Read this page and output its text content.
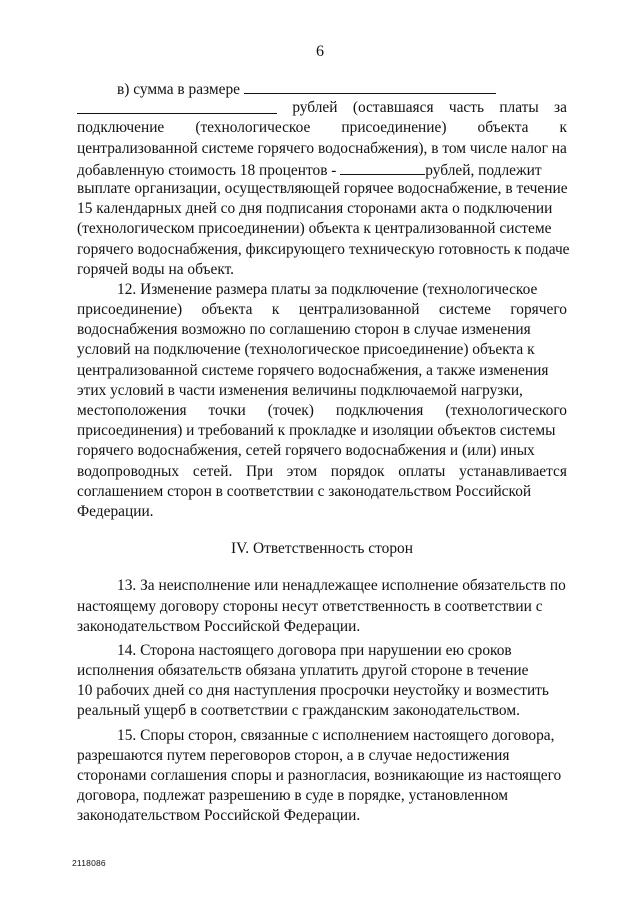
6
в) сумма в размере
рублей (оставшаяся часть платы за
подключение (технологическое присоединение) объекта к
централизованной системе горячего водоснабжения), в том числе налог на
добавленную стоимость 18 процентов -	рублей, подлежит
выплате организации, осуществляющей горячее водоснабжение, в течение
15 календарных дней со дня подписания сторонами акта о подключении
(технологическом присоединении) объекта к централизованной системе
горячего водоснабжения, фиксирующего техническую готовность к подаче
горячей воды на объект.
12. Изменение размера платы за подключение (технологическое
присоединение) объекта к централизованной системе горячего
водоснабжения возможно по соглашению сторон в случае изменения
условий на подключение (технологическое присоединение) объекта к
централизованной системе горячего водоснабжения, а также изменения
этих условий в части изменения величины подключаемой нагрузки,
местоположения точки (точек) подключения (технологического
присоединения) и требований к прокладке и изоляции объектов системы
горячего водоснабжения, сетей горячего водоснабжения и (или) иных
водопроводных сетей. При этом порядок оплаты устанавливается
соглашением сторон в соответствии с законодательством Российской
Федерации.
IV. Ответственность сторон
13. За неисполнение или ненадлежащее исполнение обязательств по
настоящему договору стороны несут ответственность в соответствии с
законодательством Российской Федерации.
14. Сторона настоящего договора при нарушении ею сроков
исполнения обязательств обязана уплатить другой стороне в течение
10 рабочих дней со дня наступления просрочки неустойку и возместить
реальный ущерб в соответствии с гражданским законодательством.
15. Споры сторон, связанные с исполнением настоящего договора,
разрешаются путем переговоров сторон, а в случае недостижения
сторонами соглашения споры и разногласия, возникающие из настоящего
договора, подлежат разрешению в суде в порядке, установленном
законодательством Российской Федерации.
2118086
